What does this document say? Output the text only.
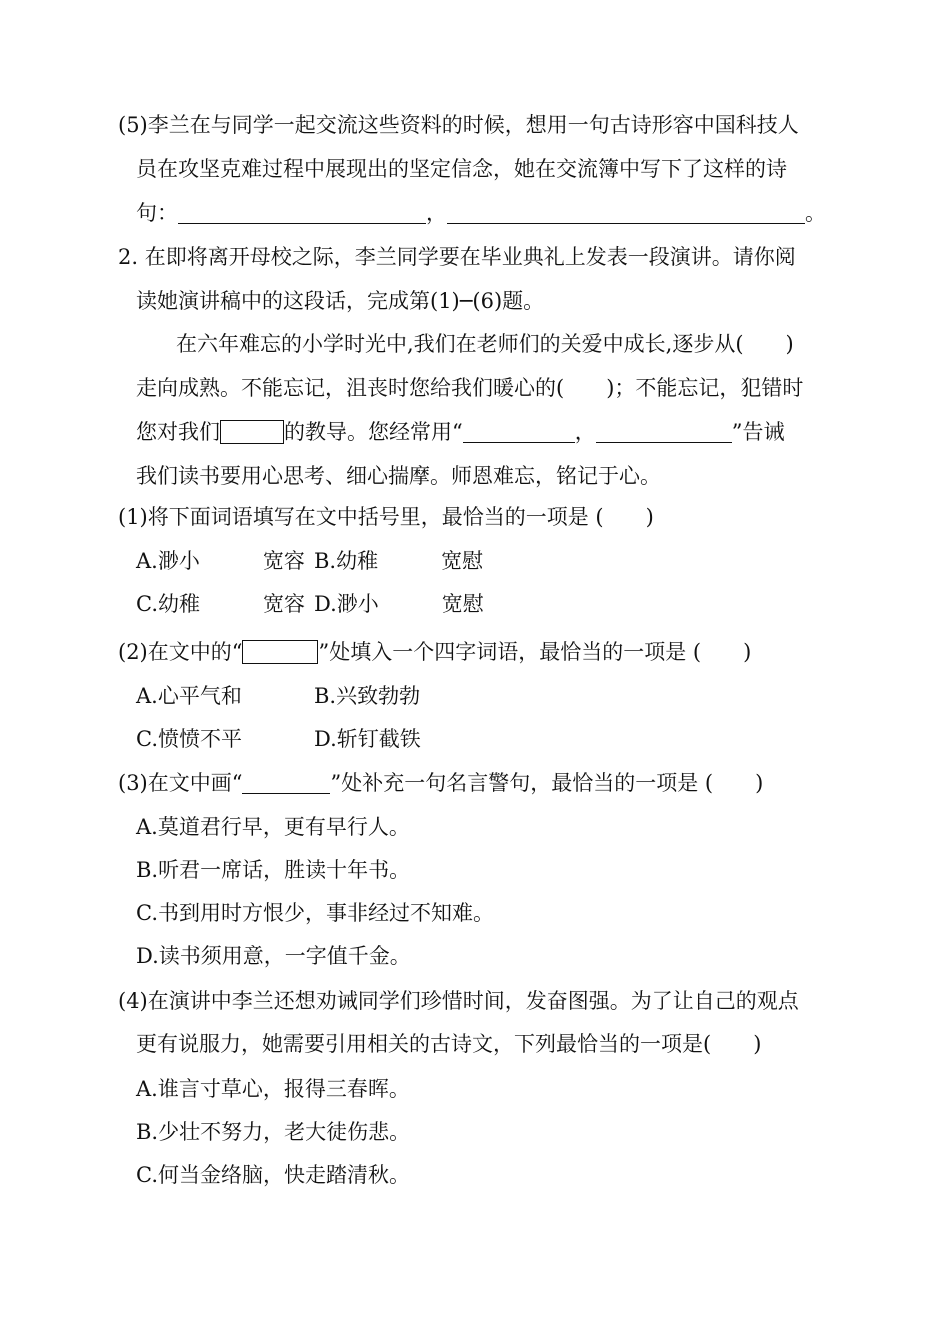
(5)李兰在与同学一起交流这些资料的时候，想用一句古诗形容中国科技人
员在攻坚克难过程中展现出的坚定信念，她在交流簿中写下了这样的诗
句：	，	。
2. 在即将离开母校之际，李兰同学要在毕业典礼上发表一段演讲。请你阅
读她演讲稿中的这段话，完成第(1)─(6)题。
在六年难忘的小学时光中,我们在老师们的关爱中成长,逐步从(　　)
走向成熟。不能忘记，沮丧时您给我们暖心的(　　)；不能忘记，犯错时
您对我们	的教导。您经常用“	，	”告诫
我们读书要用心思考、细心揣摩。师恩难忘，铭记于心。
(1)将下面词语填写在文中括号里，最恰当的一项是 (　　)
A.渺小　　　宽容 B.幼稚　　　宽慰
C.幼稚　　　宽容 D.渺小　　　宽慰
(2)在文中的“	”处填入一个四字词语，最恰当的一项是 (　　)
A.心平气和	B.兴致勃勃
C.愤愤不平	D.斩钉截铁
(3)在文中画“	”处补充一句名言警句，最恰当的一项是 (　　)
A.莫道君行早，更有早行人。
B.听君一席话，胜读十年书。
C.书到用时方恨少，事非经过不知难。
D.读书须用意，一字值千金。
(4)在演讲中李兰还想劝诫同学们珍惜时间，发奋图强。为了让自己的观点
更有说服力，她需要引用相关的古诗文，下列最恰当的一项是(　　)
A.谁言寸草心，报得三春晖。
B.少壮不努力，老大徒伤悲。
C.何当金络脑，快走踏清秋。
